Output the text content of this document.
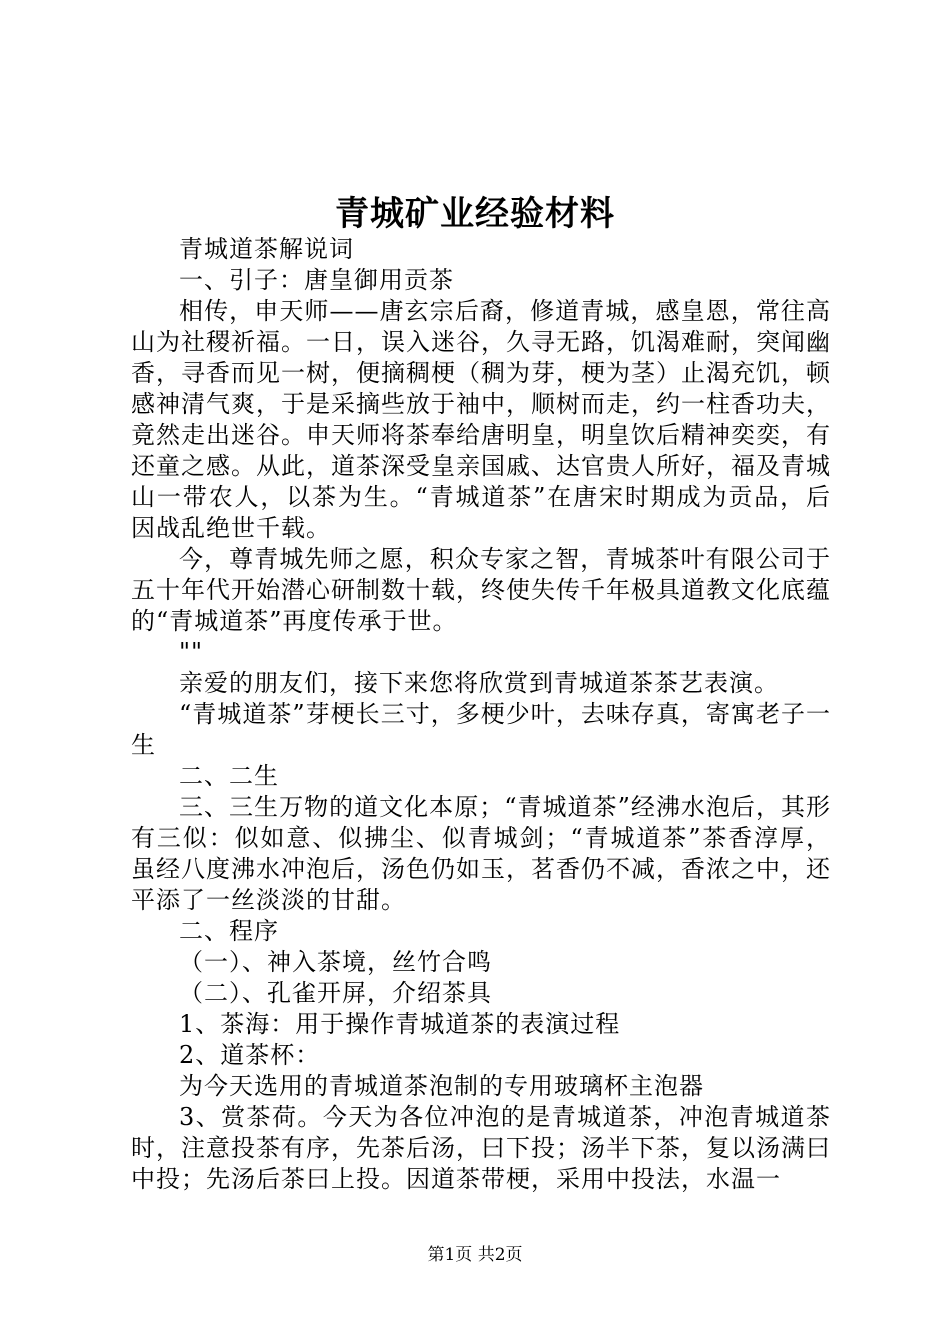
青城矿业经验材料

青城道茶解说词

一、引子：唐皇御用贡茶

相传，申天师——唐玄宗后裔，修道青城，感皇恩，常往高山为社稷祈福。一日，误入迷谷，久寻无路，饥渴难耐，突闻幽香，寻香而见一树，便摘稠梗（稠为芽，梗为茎）止渴充饥，顿感神清气爽，于是采摘些放于袖中，顺树而走，约一柱香功夫，竟然走出迷谷。申天师将茶奉给唐明皇，明皇饮后精神奕奕，有还童之感。从此，道茶深受皇亲国戚、达官贵人所好，福及青城山一带农人，以茶为生。“青城道茶”在唐宋时期成为贡品，后因战乱绝世千载。

今，尊青城先师之愿，积众专家之智，青城茶叶有限公司于五十年代开始潜心研制数十载，终使失传千年极具道教文化底蕴的“青城道茶”再度传承于世。

""

亲爱的朋友们，接下来您将欣赏到青城道茶茶艺表演。

“青城道茶”芽梗长三寸，多梗少叶，去味存真，寄寓老子一生

二、二生

三、三生万物的道文化本原；“青城道茶”经沸水泡后，其形有三似：似如意、似拂尘、似青城剑；“青城道茶”茶香淳厚，虽经八度沸水冲泡后，汤色仍如玉，茗香仍不减，香浓之中，还平添了一丝淡淡的甘甜。

二、程序

（一）、神入茶境，丝竹合鸣

（二）、孔雀开屏，介绍茶具

1、茶海：用于操作青城道茶的表演过程

2、道茶杯：

为今天选用的青城道茶泡制的专用玻璃杯主泡器

3、赏茶荷。今天为各位冲泡的是青城道茶，冲泡青城道茶时，注意投茶有序，先茶后汤，曰下投；汤半下茶，复以汤满曰中投；先汤后茶曰上投。因道茶带梗，采用中投法，水温一

第1页 共2页
